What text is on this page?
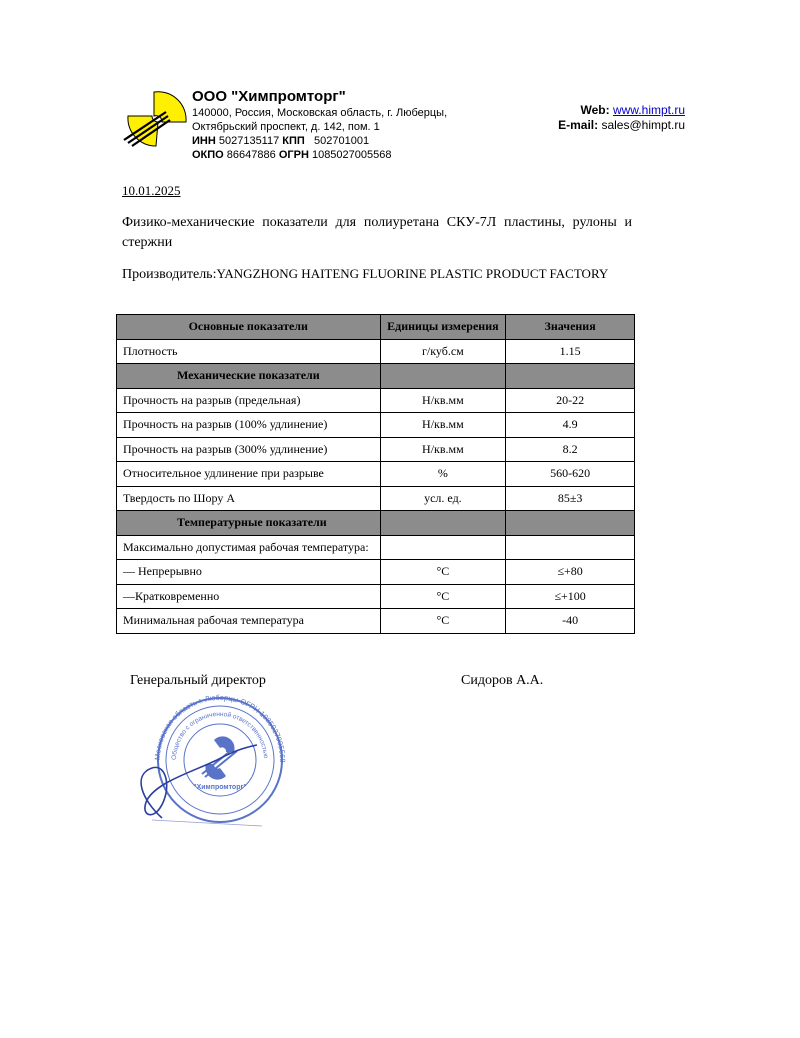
ООО "Химпромторг"
140000, Россия, Московская область, г. Люберцы,
Октябрьский проспект, д. 142, пом. 1
ИНН 5027135117 КПП 502701001
ОКПО 86647886 ОГРН 1085027005568
Web: www.himpt.ru
E-mail: sales@himpt.ru
10.01.2025
Физико-механические показатели для полиуретана СКУ-7Л пластины, рулоны и стержни
Производитель:YANGZHONG HAITENG FLUORINE PLASTIC PRODUCT FACTORY
Основные показатели	Единицы измерения	Значения
Плотность	г/куб.см	1.15
Механические показатели		
Прочность на разрыв (предельная)	Н/кв.мм	20-22
Прочность на разрыв (100% удлинение)	Н/кв.мм	4.9
Прочность на разрыв (300% удлинение)	Н/кв.мм	8.2
Относительное удлинение при разрыве	%	560-620
Твердость по Шору А	усл. ед.	85±3
Температурные показатели		
Максимально допустимая рабочая температура:		
— Непрерывно	°С	≤+80
—Кратковременно	°С	≤+100
Минимальная рабочая температура	°С	-40
Генеральный директор	Сидоров А.А.
Московская область г. Люберцы ОГРН 1085027005568
Общество с ограниченной ответственностью
"Химпромторг"
